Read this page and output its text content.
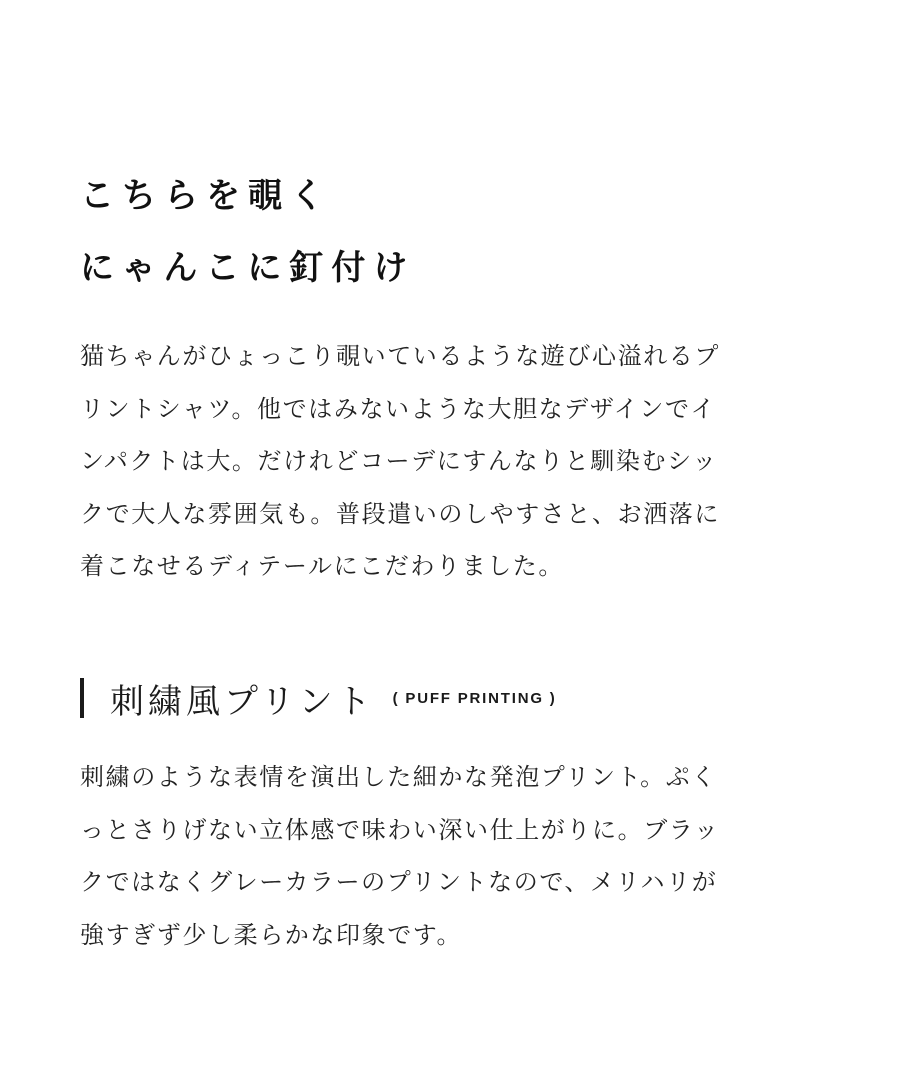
こちらを覗く
にゃんこに釘付け
猫ちゃんがひょっこり覗いているような遊び心溢れるプ
リントシャツ。他ではみないような大胆なデザインでイ
ンパクトは大。だけれどコーデにすんなりと馴染むシッ
クで大人な雰囲気も。普段遣いのしやすさと、お洒落に
着こなせるディテールにこだわりました。
刺繍風プリント ( PUFF PRINTING )
刺繍のような表情を演出した細かな発泡プリント。ぷく
っとさりげない立体感で味わい深い仕上がりに。ブラッ
クではなくグレーカラーのプリントなので、メリハリが
強すぎず少し柔らかな印象です。
